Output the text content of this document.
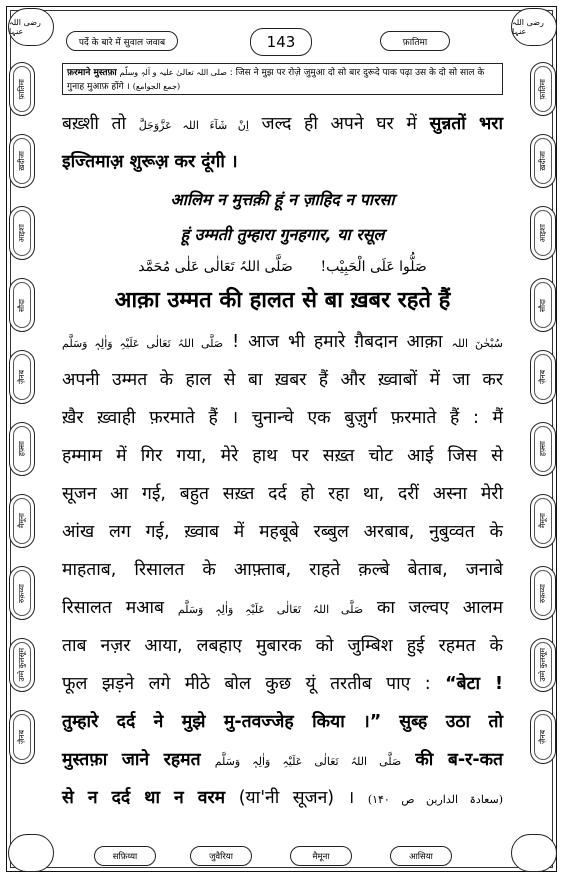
رضی اللہ عنہا
رضی اللہ عنہا
पर्दे के बारे में सुवाल जवाब	143	फ़ातिमा
फ़रमाने मुस्तफ़ा صلی اللہ تعالیٰ علیہ و آلہٖ وسلّم : जिस ने मुझ पर रोज़े जुमुआ दो सो बार दुरूदे पाक पढ़ा उस के दो सो साल के गुनाह मुआफ़ होंगे । (جمع الجوامع)
फ़ातिमा
ख़दीजा
आइशा
सौदा
ज़ैनब
हफ़्सा
मैमूना
रुक़य्या
उम्मे कुलसूम
ज़ैनब
फ़ातिमा
ख़दीजा
आइशा
सौदा
ज़ैनब
हफ़्सा
मैमूना
रुक़य्या
उम्मे कुलसूम
ज़ैनब
बख़्शी तो اِنْ شَآءَ اللہ عَزَّوَجَلَّ जल्द ही अपने घर में सुन्नतों भरा
इज्तिमाअ़ शुरूअ़ कर दूंगी ।
आलिम न मुत्तक़ी हूं न ज़ाहिद न पारसा
हूं उम्मती तुम्हारा गुनहगार, या रसूल
صَلُّوا عَلَی الْحَبِیْب!     صَلَّی اللہُ تَعَالٰی عَلٰی مُحَمَّد
आक़ा उम्मत की हालत से बा ख़बर रहते हैं
صَلَّی اللہُ تَعَالٰی عَلَیْہِ وَاٰلِہٖ وَسَلَّم ! आज भी हमारे ग़ैबदान आक़ा سُبْحٰنَ اللہ
अपनी उम्मत के हाल से बा ख़बर हैं और ख़्वाबों में जा कर
ख़ैर ख़्वाही फ़रमाते हैं । चुनान्चे एक बुज़ुर्ग फ़रमाते हैं : मैं
हम्माम में गिर गया, मेरे हाथ पर सख़्त चोट आई जिस से
सूजन आ गई, बहुत सख़्त दर्द हो रहा था, दरीं अस्ना मेरी
आंख लग गई, ख़्वाब में महबूबे रब्बुल अरबाब, नुबुव्वत के
माहताब, रिसालत के आफ़्ताब, राहते क़ल्बे बेताब, जनाबे
रिसालत मआब صَلَّی اللہُ تَعَالٰی عَلَیْہِ وَاٰلِہٖ وَسَلَّم का जल्वए आलम
ताब नज़र आया, लबहाए मुबारक को जुम्बिश हुई रहमत के
फूल झड़ने लगे मीठे बोल कुछ यूं तरतीब पाए : “बेटा !
तुम्हारे दर्द ने मुझे मु-तवज्जेह किया ।” सुब्ह उठा तो
मुस्तफ़ा जाने रहमत صَلَّی اللہُ تَعَالٰی عَلَیْہِ وَاٰلِہٖ وَسَلَّم की ब-र-कत
से न दर्द था न वरम (या'नी सूजन) । (سعادۃ الدارین ص ۱۴۰)
सफ़िय्या	जुवैरिया	मैमूना	आसिया
